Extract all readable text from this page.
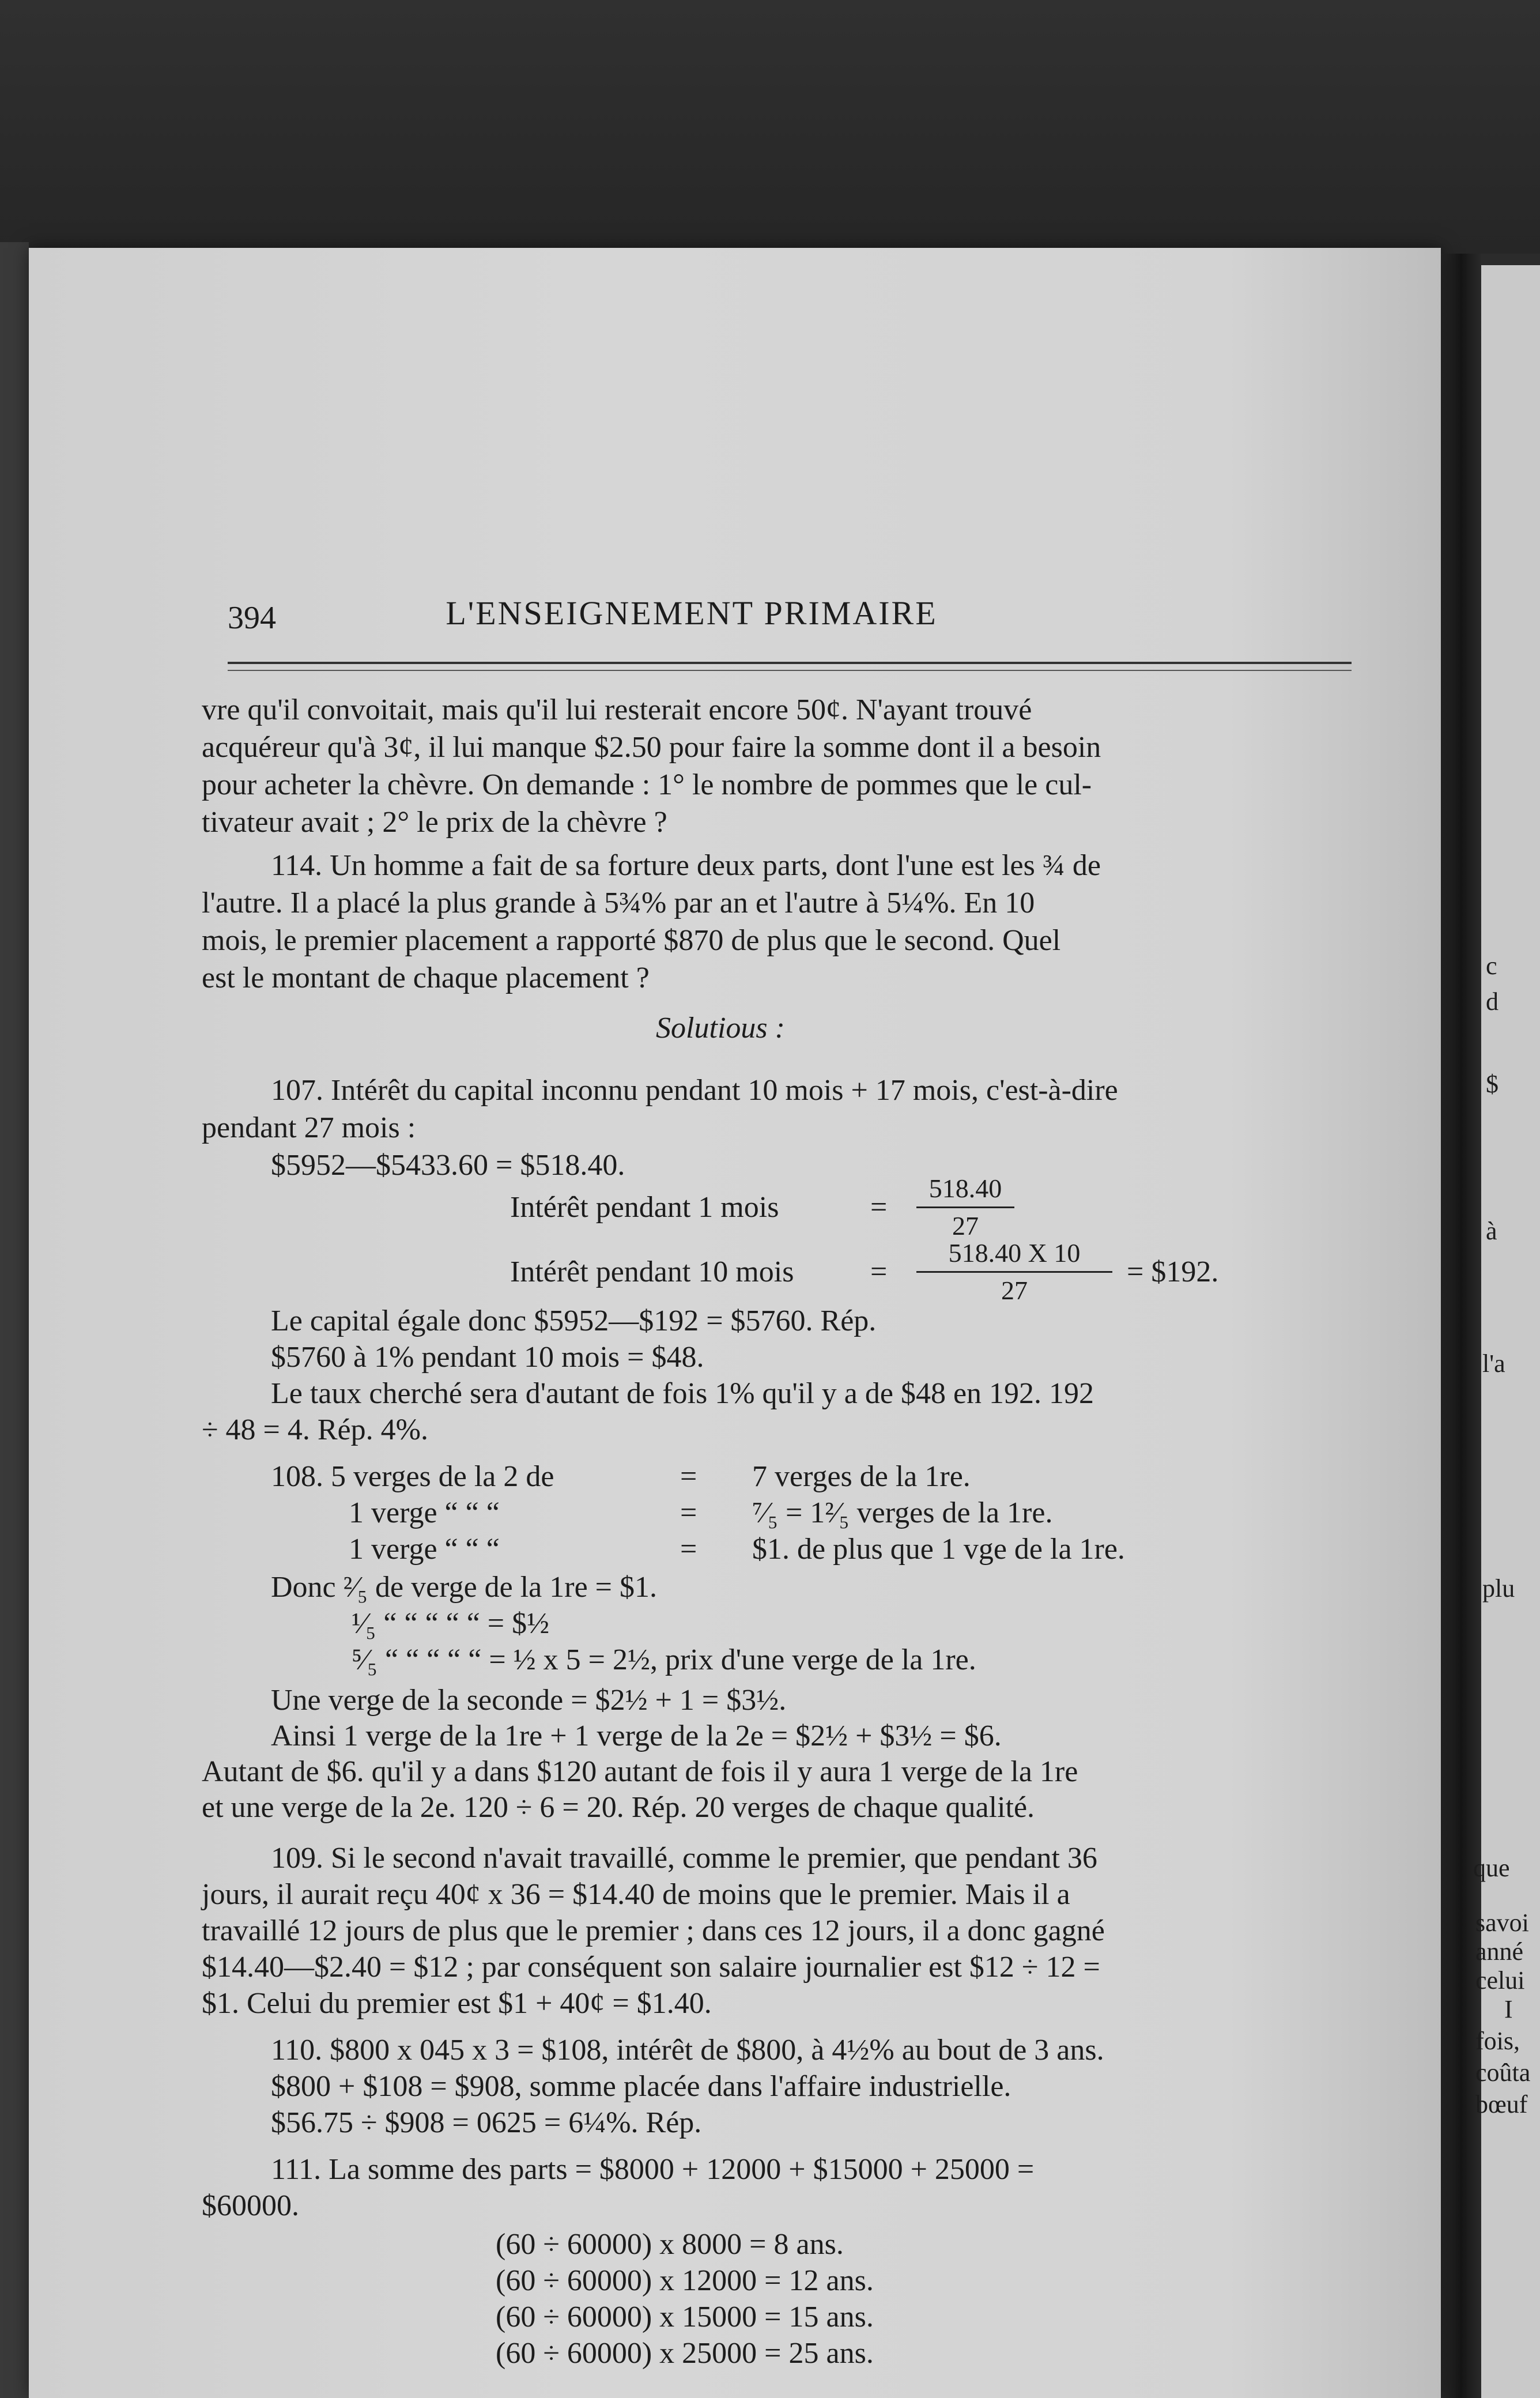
c
d
$
à
l'a
plu
que
savoi
anné
celui
I
fois,
coûta
bœuf
394	L'ENSEIGNEMENT PRIMAIRE
vre qu'il convoitait, mais qu'il lui resterait encore 50¢. N'ayant trouvé
acquéreur qu'à 3¢, il lui manque $2.50 pour faire la somme dont il a besoin
pour acheter la chèvre. On demande : 1° le nombre de pommes que le cul-
tivateur avait ; 2° le prix de la chèvre ?
114. Un homme a fait de sa forture deux parts, dont l'une est les ¾ de
l'autre. Il a placé la plus grande à 5¾% par an et l'autre à 5¼%. En 10
mois, le premier placement a rapporté $870 de plus que le second. Quel
est le montant de chaque placement ?
Solutious :
107. Intérêt du capital inconnu pendant 10 mois + 17 mois, c'est-à-dire
pendant 27 mois :
$5952—$5433.60 = $518.40.
Intérêt pendant 1 mois	=
518.40
27
Intérêt pendant 10 mois	=
518.40 X 10
27
= $192.
Le capital égale donc $5952—$192 = $5760. Rép.
$5760 à 1% pendant 10 mois = $48.
Le taux cherché sera d'autant de fois 1% qu'il y a de $48 en 192. 192
÷ 48 = 4. Rép. 4%.
108. 5 verges de la 2 de	= 7 verges de la 1re.
1 verge “ “ “	= ⁷⁄₅ = 1²⁄₅ verges de la 1re.
1 verge “ “ “	= $1. de plus que 1 vge de la 1re.
Donc ²⁄₅ de verge de la 1re = $1.
¹⁄₅ “ “ “ “ “ = $½
⁵⁄₅ “ “ “ “ “ = ½ x 5 = 2½, prix d'une verge de la 1re.
Une verge de la seconde = $2½ + 1 = $3½.
Ainsi 1 verge de la 1re + 1 verge de la 2e = $2½ + $3½ = $6.
Autant de $6. qu'il y a dans $120 autant de fois il y aura 1 verge de la 1re
et une verge de la 2e. 120 ÷ 6 = 20. Rép. 20 verges de chaque qualité.
109. Si le second n'avait travaillé, comme le premier, que pendant 36
jours, il aurait reçu 40¢ x 36 = $14.40 de moins que le premier. Mais il a
travaillé 12 jours de plus que le premier ; dans ces 12 jours, il a donc gagné
$14.40—$2.40 = $12 ; par conséquent son salaire journalier est $12 ÷ 12 =
$1. Celui du premier est $1 + 40¢ = $1.40.
110. $800 x 045 x 3 = $108, intérêt de $800, à 4½% au bout de 3 ans.
$800 + $108 = $908, somme placée dans l'affaire industrielle.
$56.75 ÷ $908 = 0625 = 6¼%. Rép.
111. La somme des parts = $8000 + 12000 + $15000 + 25000 =
$60000.
(60 ÷ 60000) x 8000 = 8 ans.
(60 ÷ 60000) x 12000 = 12 ans.
(60 ÷ 60000) x 15000 = 15 ans.
(60 ÷ 60000) x 25000 = 25 ans.
